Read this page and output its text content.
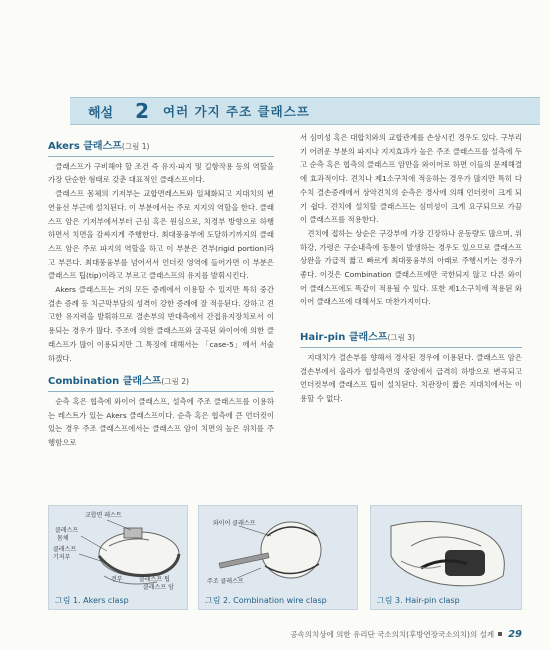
해설 2 여러 가지 주조 클래스프
Akers 클래스프(그림 1)

클래스프가 구비해야 할 조건 즉 유지·파지 및 길항작용 등의 역할을 가장 단순한 형태로 갖춘 대표적인 클래스프이다.

클래스프 몸체의 기저부는 교합면레스트와 일체화되고 지대치의 변연융선 부근에 설치된다. 이 부분에서는 주로 지지의 역할을 한다. 클래스프 암은 기저부에서부터 근심 혹은 원심으로, 치경부 방향으로 하행하면서 치면을 감싸지게 주행한다. 최대풍융부에 도달하기까지의 클래스프 암은 주로 파지의 역할을 하고 이 부분은 견부(rigid portion)라고 부른다. 최대풍융부를 넘어서서 언더컷 영역에 들어가면 이 부분은 클래스프 팁(tip)이라고 부르고 클래스프의 유지를 발휘시킨다.

Akers 클래스프는 거의 모든 증례에서 이용할 수 있지만 특히 중간 결손 증례 등 치근막부담의 성격이 강한 증례에 잘 적응된다. 강하고 견고한 유지력을 발휘하므로 결손부의 반대측에서 간접유지장치로서 이용되는 경우가 많다. 주조에 의한 클래스프와 굴곡된 와이어에 의한 클래스프가 많이 이용되지만 그 특징에 대해서는 「case-5」에서 서술하겠다.

Combination 클래스프(그림 2)

순측 혹은 협측에 와이어 클래스프, 설측에 주조 클래스프를 이용하는 레스트가 있는 Akers 클래스프이다. 순측 혹은 협측에 큰 언더컷이 있는 경우 주조 클래스프에서는 클래스프 암이 치면의 높은 위치를 주행함으로

서 심미성 혹은 대합치와의 교합관계를 손상시킨 경우도 있다. 구부리기 어려운 부분의 파지나 지지효과가 높은 주조 클래스프를 설측에 두고 순측 혹은 협측의 클래스프 암만을 와이어로 하면 이들의 문제해결에 효과적이다. 견치나 제1소구치에 적응하는 경우가 많지만 특히 다수치 결손증례에서 상악견치의 순측은 경사에 의해 언더컷이 크게 되기 쉽다. 견치에 설치할 클래스프는 심미성이 크게 요구되므로 가끔 이 클래스프를 적용한다.

견치에 접하는 상순은 구강부에 가장 긴장하나 운동량도 많으며, 위하강, 가령은 구순내측에 동통이 발생하는 경우도 있으므로 클래스프 상완을 가급적 짧고 빠르게 최대풍융부의 아래로 주행시키는 경우가 좋다. 이것은 Combination 클래스프에만 국한되지 않고 다른 와이어 클래스프에도 똑같이 적용될 수 있다. 또한 제1소구치에 적용된 와이어 클래스프에 대해서도 마찬가지이다.

Hair-pin 클래스프(그림 3)

지대치가 결손부를 향해서 경사된 경우에 이용된다. 클래스프 암은 결손부에서 올라가 협설측면의 중앙에서 급격히 하방으로 변곡되고 언더컷부에 클래스프 팁이 설치된다. 치관장이 짧은 지대치에서는 이용할 수 없다.

교합면 레스트
클래스프
몸체
클래스프
기저부
견부	클래스프 팁
클래스프 암
그림 1. Akers clasp
와이어 클래스프
주조 클래스프
그림 2. Combination wire clasp	그림 3. Hair-pin clasp
공속의치상에 의한 유리단 국소의치(후방연장국소의치)의 설계 29
